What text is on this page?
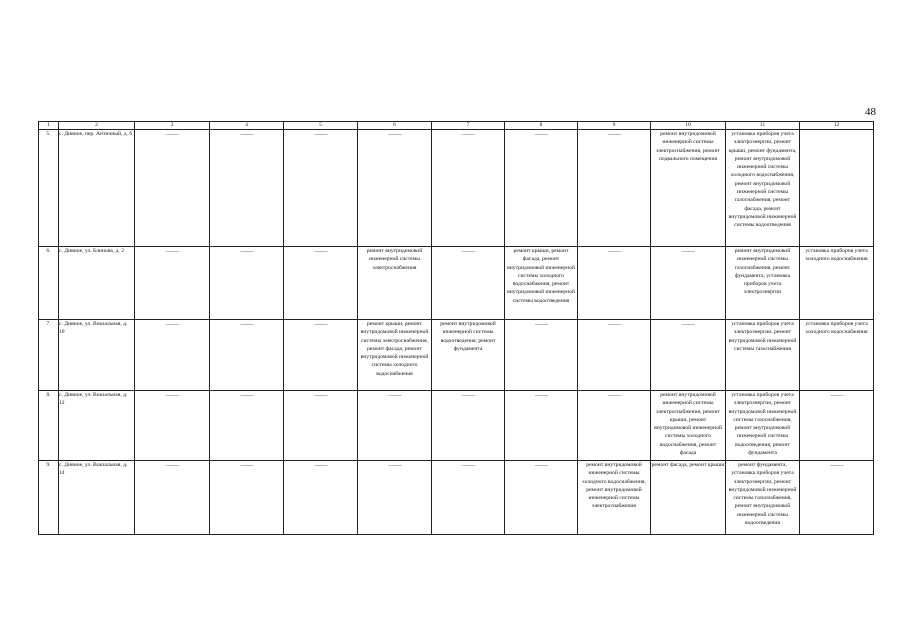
48
1	2	3	4	5	6	7	8	9	10	11	12
5.	с. Дивное, пер. Античный, д. 6	——	——	——	——	——	——	——	ремонт внутридомовой инженерной системы электроснабжения, ремонт подвального помещения	установка приборов учета электроэнергии, ремонт крыши, ремонт фундамента, ремонт внутридомовой инженерной системы холодного водоснабжения, ремонт внутридомовой инженерной системы газоснабжения, ремонт фасада, ремонт внутридомовой инженерной системы водоотведения	
6.	с. Дивное, ул. Блинова, д. 2	——	——	——	ремонт внутридомовой инженерной системы электроснабжения	——	ремонт крыши, ремонт фасада, ремонт внутридомовой инженерной системы холодного водоснабжения, ремонт внутридомовой инженерной системы водоотведения	——	——	ремонт внутридомовой инженерной системы газоснабжения, ремонт фундамента, установка приборов учета электроэнергии	установка приборов учета холодного водоснабжения
7.	с. Дивное, ул. Вокзальная, д. 10	——	——	——	ремонт крыши, ремонт внутридомовой инженерной системы электроснабжения, ремонт фасада, ремонт внутридомовой инженерной системы холодного водоснабжения	ремонт внутридомовой инженерной системы водоотведения, ремонт фундамента	——	——	——	установка приборов учета электроэнергии, ремонт внутридомовой инженерной системы газоснабжения	установка приборов учета холодного водоснабжения
8.	с. Дивное, ул. Вокзальная, д. 12	——	——	——	——	——	——	——	ремонт внутридомовой инженерной системы электроснабжения, ремонт крыши, ремонт внутридомовой инженерной системы холодного водоснабжения, ремонт фасада	установка приборов учета электроэнергии, ремонт внутридомовой инженерной системы газоснабжения, ремонт внутридомовой инженерной системы водоотведения, ремонт фундамента	——

9.	с. Дивное, ул. Вокзальная, д. 14	——	——	——	——	——	——	ремонт внутридомовой инженерной системы холодного водоснабжения, ремонт внутридомовой инженерной системы электроснабжения	ремонт фасада, ремонт крыши	ремонт фундамента, установка приборов учета электроэнергии, ремонт внутридомовой инженерной системы газоснабжения, ремонт внутридомовой инженерной системы водоотведения	——
